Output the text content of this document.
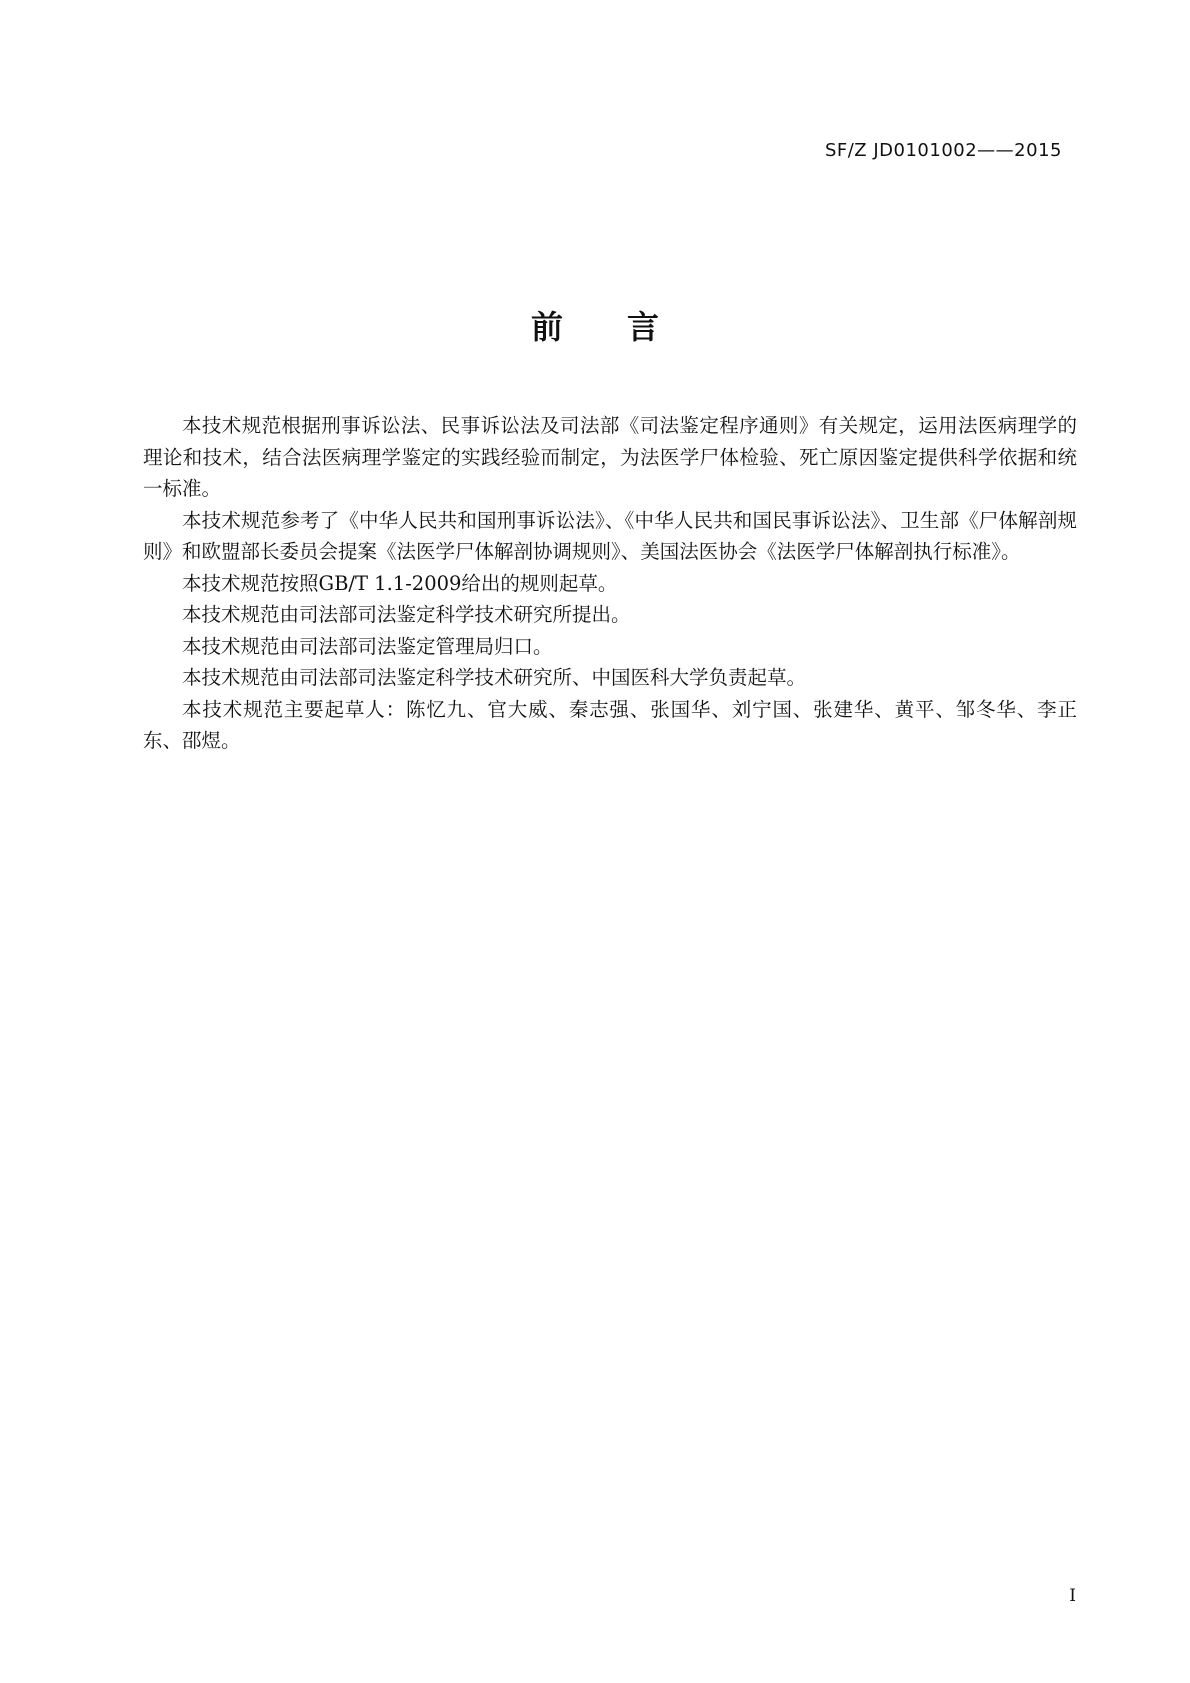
SF/Z JD0101002——2015
前 言

本技术规范根据刑事诉讼法、民事诉讼法及司法部《司法鉴定程序通则》有关规定，运用法医病理学的理论和技术，结合法医病理学鉴定的实践经验而制定，为法医学尸体检验、死亡原因鉴定提供科学依据和统一标准。

本技术规范参考了《中华人民共和国刑事诉讼法》、《中华人民共和国民事诉讼法》、卫生部《尸体解剖规则》和欧盟部长委员会提案《法医学尸体解剖协调规则》、美国法医协会《法医学尸体解剖执行标准》。

本技术规范按照GB/T 1.1-2009给出的规则起草。

本技术规范由司法部司法鉴定科学技术研究所提出。

本技术规范由司法部司法鉴定管理局归口。

本技术规范由司法部司法鉴定科学技术研究所、中国医科大学负责起草。

本技术规范主要起草人：陈忆九、官大威、秦志强、张国华、刘宁国、张建华、黄平、邹冬华、李正东、邵煜。

I
